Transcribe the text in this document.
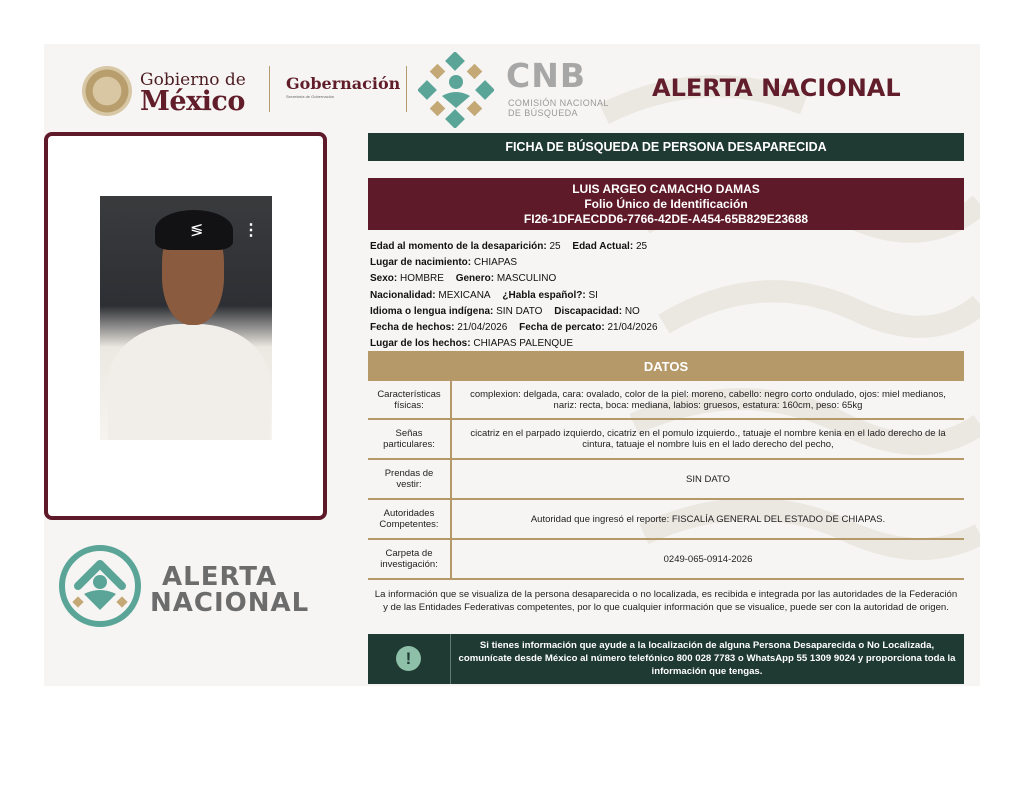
Gobierno de
México
Gobernación
Secretaría de Gobernación
CNB
COMISIÓN NACIONAL
DE BÚSQUEDA
ALERTA NACIONAL
≶ ⋮
ALERTA
NACIONAL
FICHA DE BÚSQUEDA DE PERSONA DESAPARECIDA
LUIS ARGEO CAMACHO DAMAS
Folio Único de Identificación
FI26-1DFAECDD6-7766-42DE-A454-65B829E23688
Edad al momento de la desaparición: 25 Edad Actual: 25
Lugar de nacimiento: CHIAPAS
Sexo: HOMBRE Genero: MASCULINO
Nacionalidad: MEXICANA ¿Habla español?: SI
Idioma o lengua indígena: SIN DATO Discapacidad: NO
Fecha de hechos: 21/04/2026 Fecha de percato: 21/04/2026
Lugar de los hechos: CHIAPAS PALENQUE
DATOS
Características físicas:	complexion: delgada, cara: ovalado, color de la piel: moreno, cabello: negro corto ondulado, ojos: miel medianos, nariz: recta, boca: mediana, labios: gruesos, estatura: 160cm, peso: 65kg
Señas particulares:	cicatriz en el parpado izquierdo, cicatriz en el pomulo izquierdo., tatuaje el nombre kenia en el lado derecho de la cintura, tatuaje el nombre luis en el lado derecho del pecho,
Prendas de vestir:	SIN DATO
Autoridades Competentes:	Autoridad que ingresó el reporte: FISCALÍA GENERAL DEL ESTADO DE CHIAPAS.
Carpeta de investigación:	0249-065-0914-2026
La información que se visualiza de la persona desaparecida o no localizada, es recibida e integrada por las autoridades de la Federación y de las Entidades Federativas competentes, por lo que cualquier información que se visualice, puede ser con la autoridad de origen.
!
Si tienes información que ayude a la localización de alguna Persona Desaparecida o No Localizada, comunícate desde México al número telefónico 800 028 7783 o WhatsApp 55 1309 9024 y proporciona toda la información que tengas.
